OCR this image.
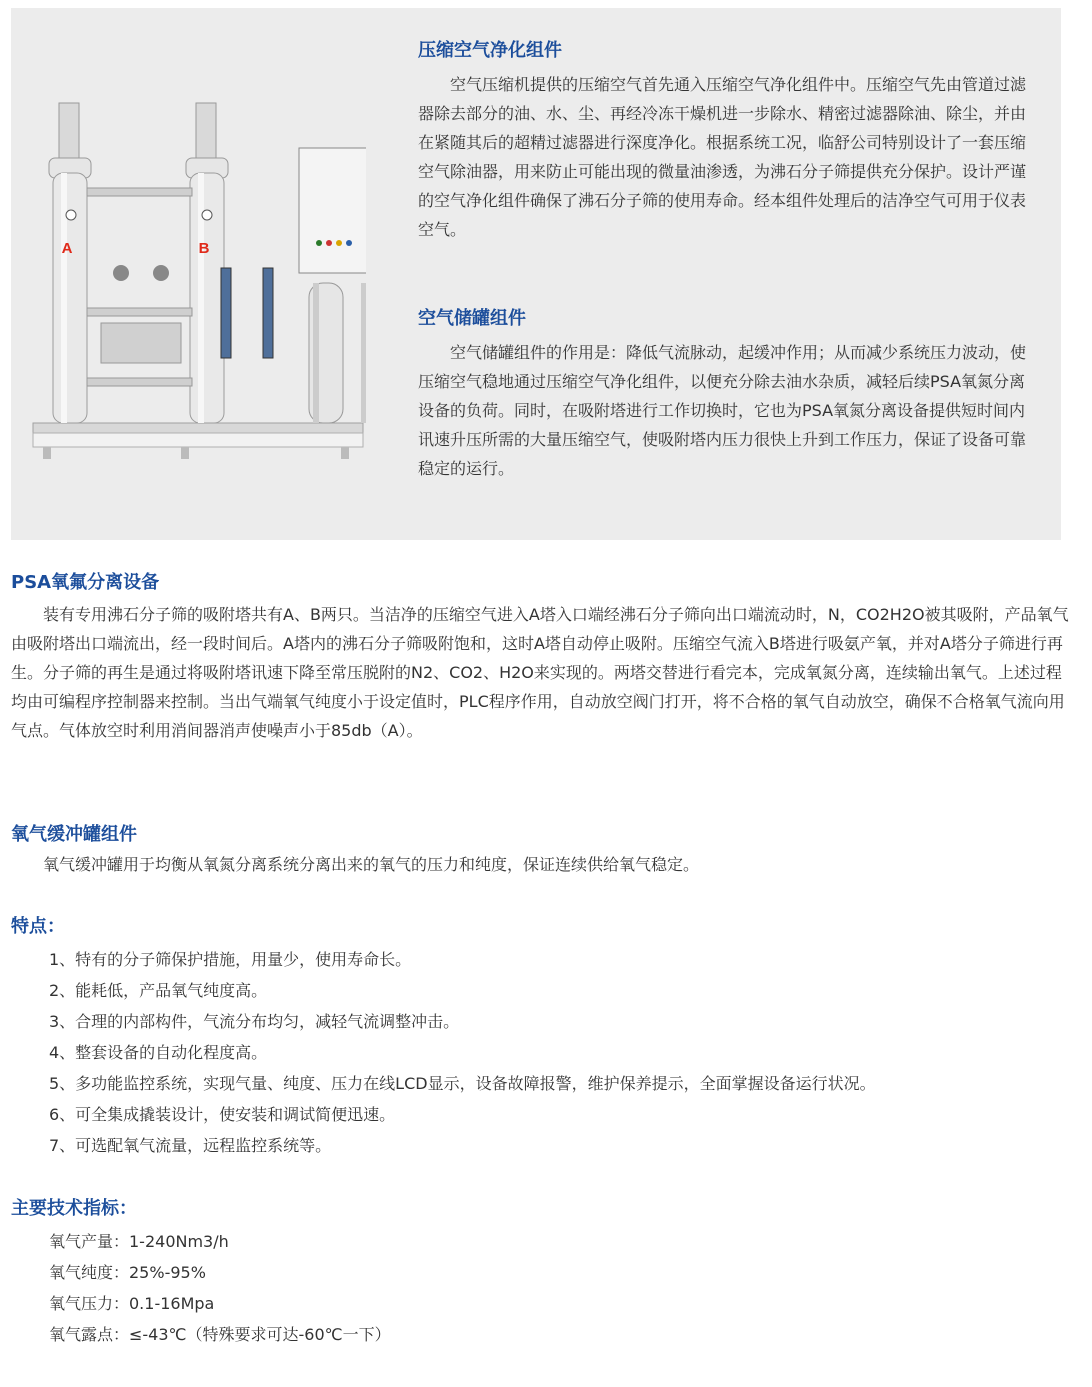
A	B
压缩空气净化组件

空气压缩机提供的压缩空气首先通入压缩空气净化组件中。压缩空气先由管道过滤器除去部分的油、水、尘、再经冷冻干燥机进一步除水、精密过滤器除油、除尘，并由在紧随其后的超精过滤器进行深度净化。根据系统工况，临舒公司特别设计了一套压缩空气除油器，用来防止可能出现的微量油渗透，为沸石分子筛提供充分保护。设计严谨的空气净化组件确保了沸石分子筛的使用寿命。经本组件处理后的洁净空气可用于仪表空气。

空气储罐组件

空气储罐组件的作用是：降低气流脉动，起缓冲作用；从而减少系统压力波动，使压缩空气稳地通过压缩空气净化组件，以便充分除去油水杂质，减轻后续PSA氧氮分离设备的负荷。同时，在吸附塔进行工作切换时，它也为PSA氧氮分离设备提供短时间内讯速升压所需的大量压缩空气，使吸附塔内压力很快上升到工作压力，保证了设备可靠稳定的运行。

PSA氧氟分离设备

装有专用沸石分子筛的吸附塔共有A、B两只。当洁净的压缩空气进入A塔入口端经沸石分子筛向出口端流动时，N，CO2H2O被其吸附，产品氧气由吸附塔出口端流出，经一段时间后。A塔内的沸石分子筛吸附饱和，这时A塔自动停止吸附。压缩空气流入B塔进行吸氨产氧，并对A塔分子筛进行再生。分子筛的再生是通过将吸附塔讯速下降至常压脱附的N2、CO2、H2O来实现的。两塔交替进行看完本，完成氧氮分离，连续输出氧气。上述过程均由可编程序控制器来控制。当出气端氧气纯度小于设定值时，PLC程序作用，自动放空阀门打开，将不合格的氧气自动放空，确保不合格氧气流向用气点。气体放空时利用消间器消声使噪声小于85db（A）。

氧气缓冲罐组件

氧气缓冲罐用于均衡从氧氮分离系统分离出来的氧气的压力和纯度，保证连续供给氧气稳定。

特点：
1、特有的分子筛保护措施，用量少，使用寿命长。
2、能耗低，产品氧气纯度高。
3、合理的内部构件，气流分布均匀，减轻气流调整冲击。
4、整套设备的自动化程度高。
5、多功能监控系统，实现气量、纯度、压力在线LCD显示，设备故障报警，维护保养提示，全面掌握设备运行状况。
6、可全集成撬装设计，使安装和调试简便迅速。
7、可选配氧气流量，远程监控系统等。
主要技术指标：
氧气产量：1-240Nm3/h
氧气纯度：25%-95%
氧气压力：0.1-16Mpa
氧气露点：≤-43℃（特殊要求可达-60℃一下）
